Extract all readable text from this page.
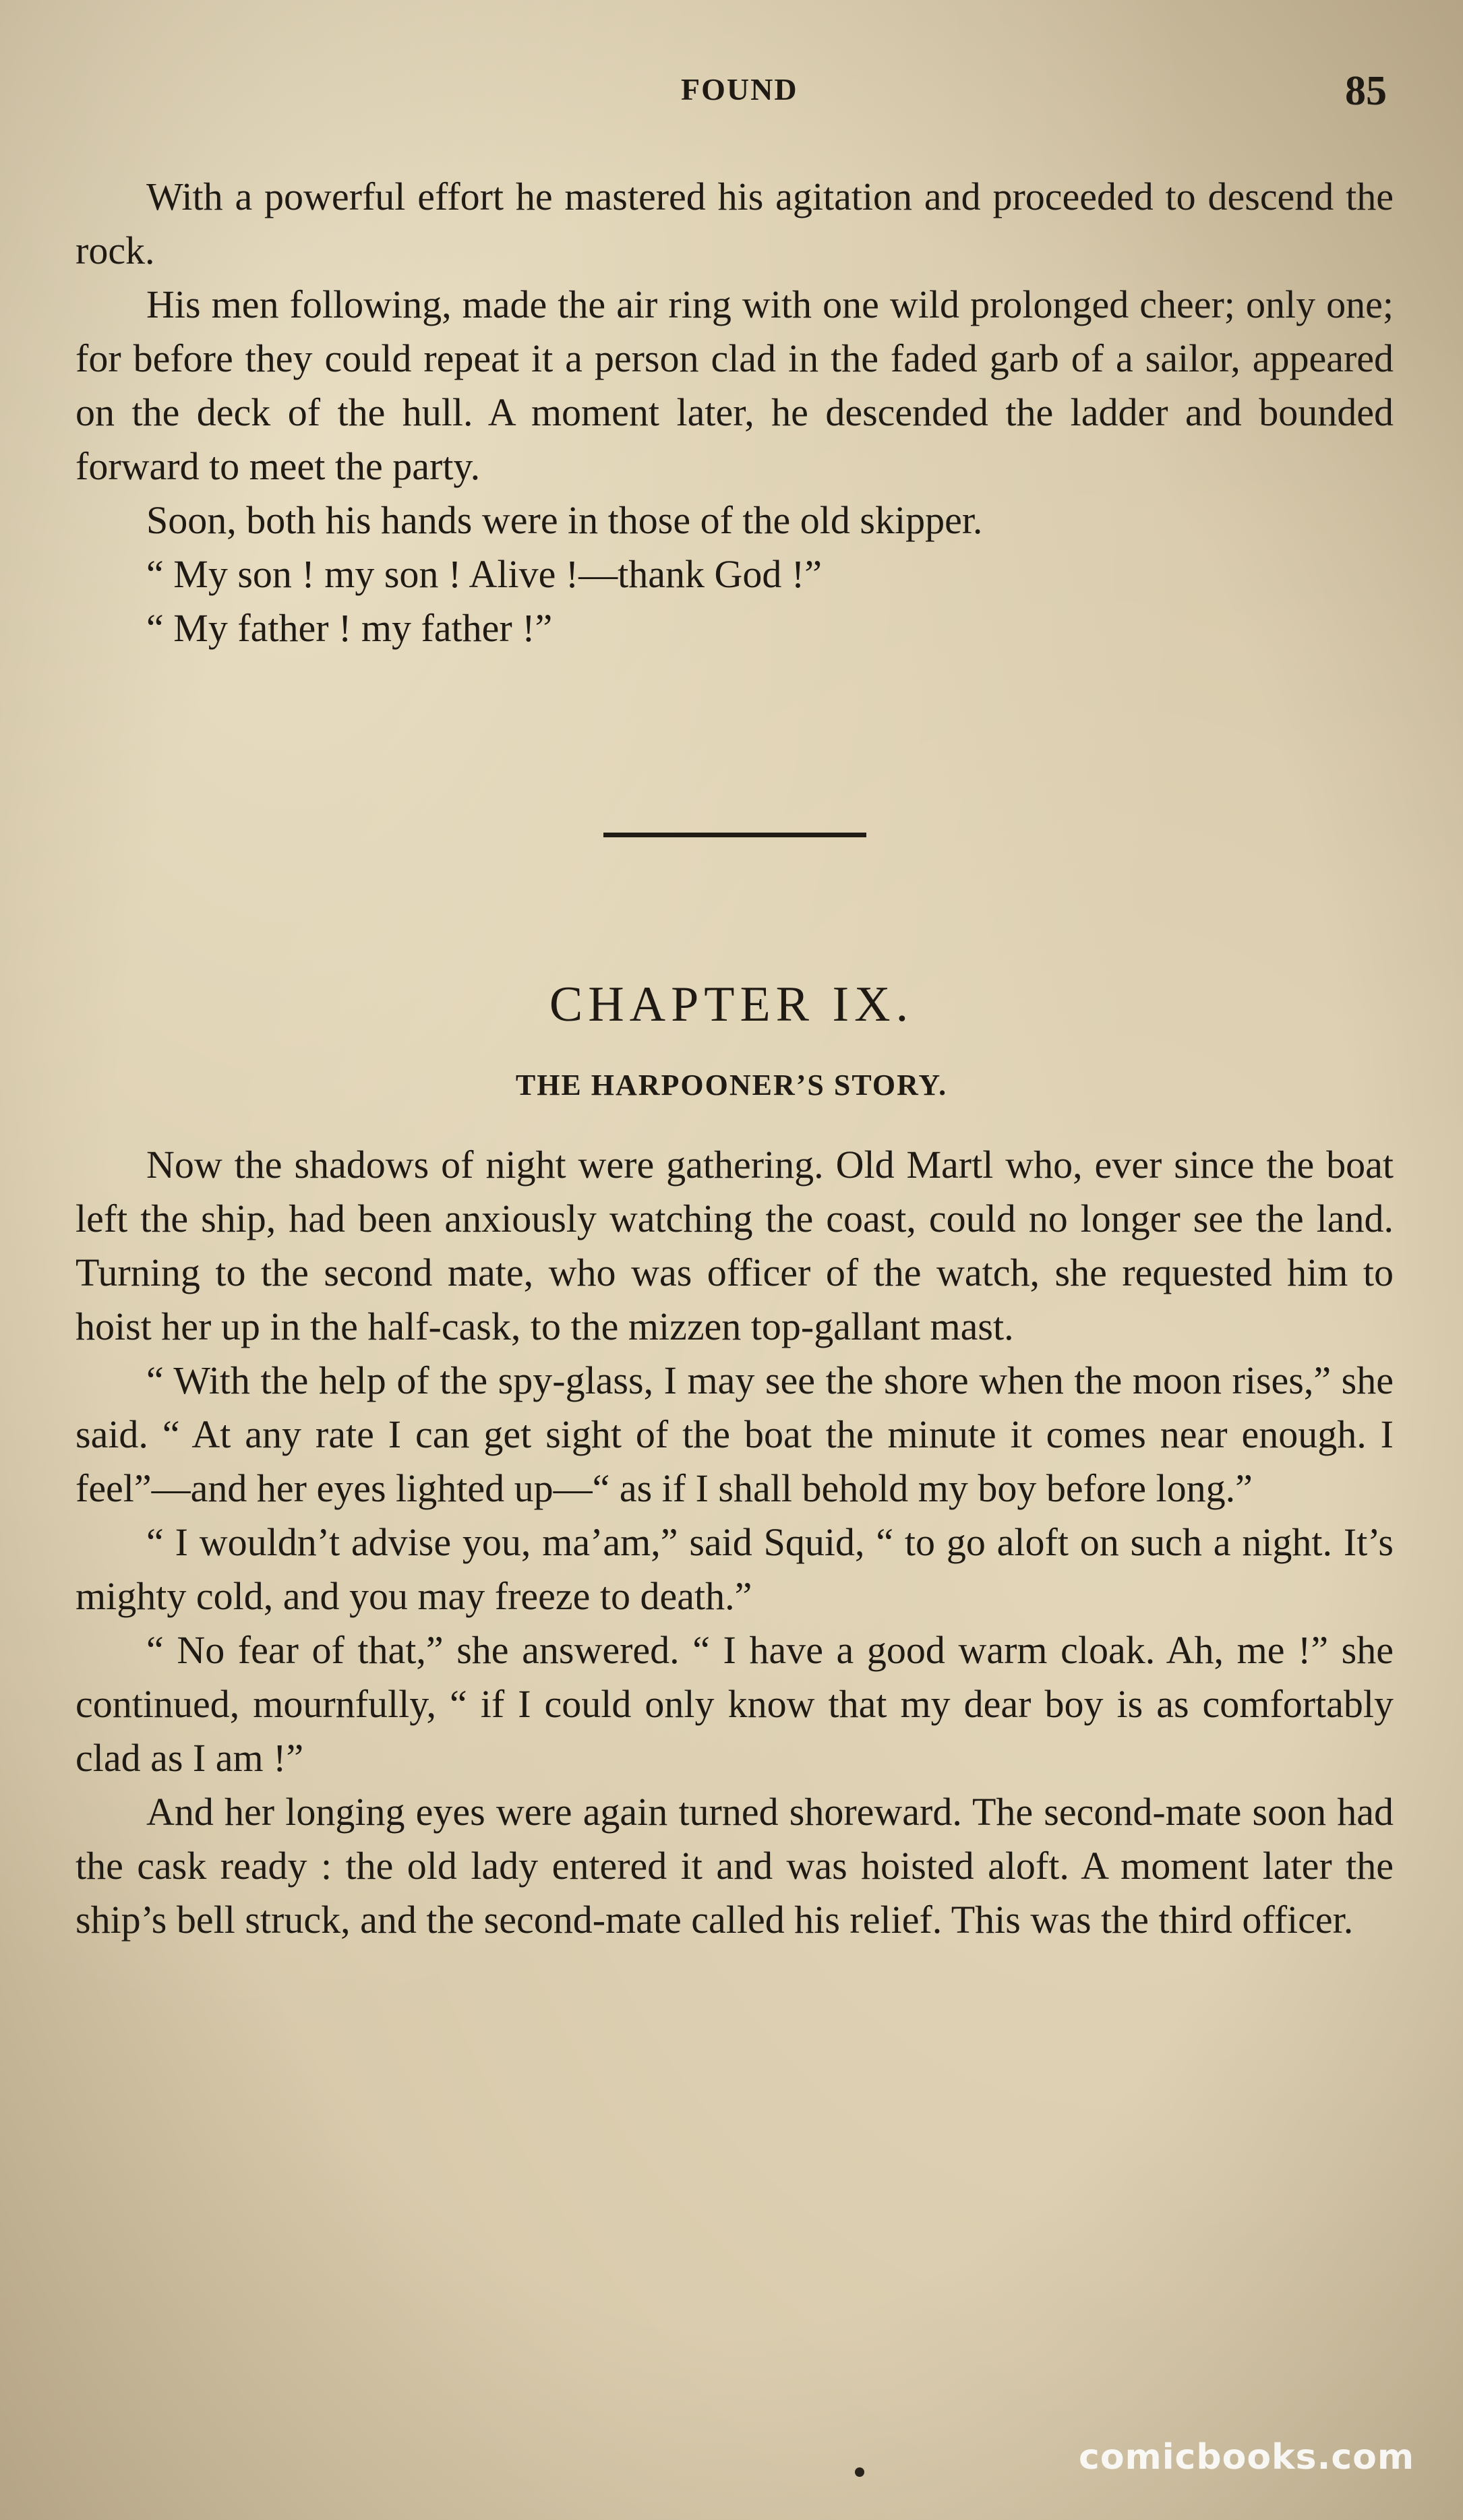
FOUND	85

With a powerful effort he mastered his agitation and proceeded to descend the rock.

His men following, made the air ring with one wild prolonged cheer; only one; for before they could repeat it a person clad in the faded garb of a sailor, appeared on the deck of the hull. A moment later, he descended the ladder and bounded forward to meet the party.

Soon, both his hands were in those of the old skipper.

“ My son ! my son ! Alive !—thank God !”

“ My father ! my father !”

CHAPTER IX.
THE HARPOONER’S STORY.

Now the shadows of night were gathering. Old Martl who, ever since the boat left the ship, had been anxiously watching the coast, could no longer see the land. Turning to the second mate, who was officer of the watch, she requested him to hoist her up in the half-cask, to the mizzen top-gallant mast.

“ With the help of the spy-glass, I may see the shore when the moon rises,” she said. “ At any rate I can get sight of the boat the minute it comes near enough. I feel”—and her eyes lighted up—“ as if I shall behold my boy before long.”

“ I wouldn’t advise you, ma’am,” said Squid, “ to go aloft on such a night. It’s mighty cold, and you may freeze to death.”

“ No fear of that,” she answered. “ I have a good warm cloak. Ah, me !” she continued, mournfully, “ if I could only know that my dear boy is as comfortably clad as I am !”

And her longing eyes were again turned shoreward. The second-mate soon had the cask ready : the old lady entered it and was hoisted aloft. A moment later the ship’s bell struck, and the second-mate called his relief. This was the third officer.

comicbooks.com
